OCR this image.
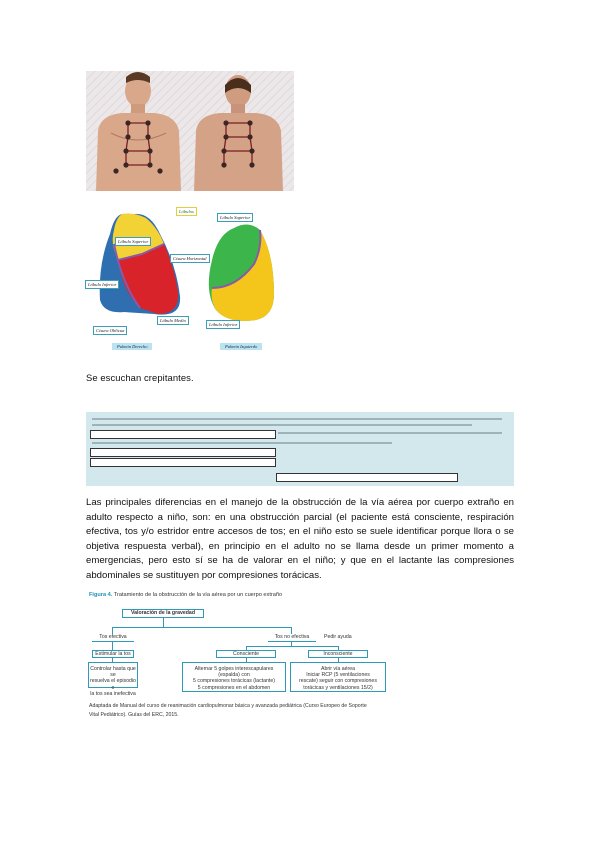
Lóbulos
Lóbulo Superior
Cisura Horizontal
Lóbulo Inferior
Lóbulo Medio
Cisura Oblicua
Lóbulo Superior
Lóbulo Inferior
Pulmón Derecho	Pulmón Izquierdo
Se escuchan crepitantes.

Las principales diferencias en el manejo de la obstrucción de la vía aérea por cuerpo extraño en adulto respecto a niño, son: en una obstrucción parcial (el paciente está consciente, respiración efectiva, tos y/o estridor entre accesos de tos; en el niño esto se suele identificar porque llora o se objetiva respuesta verbal), en principio en el adulto no se llama desde un primer momento a emergencias, pero esto sí se ha de valorar en el niño; y que en el lactante las compresiones abdominales se sustituyen por compresiones torácicas.

Figura 4. Tratamiento de la obstrucción de la vía aérea por un cuerpo extraño
Valoración de la gravedad
Tos efectiva	Tos no efectiva	Pedir ayuda
Estimular la tos	Consciente	Inconsciente
Controlar hasta que se
resuelva el episodio o
la tos sea inefectiva
Alternar 5 golpes interescapulares
(espalda) con
5 compresiones torácicas (lactante)
5 compresiones en el abdomen
Abrir vía aérea
Iniciar RCP (5 ventilaciones
rescate) seguir con compresiones
torácicas y ventilaciones 15/2)
Adaptada de Manual del curso de reanimación cardiopulmonar básica y avanzada pediátrica (Curso Europeo de Soporte
Vital Pediátrico). Guías del ERC, 2015.
